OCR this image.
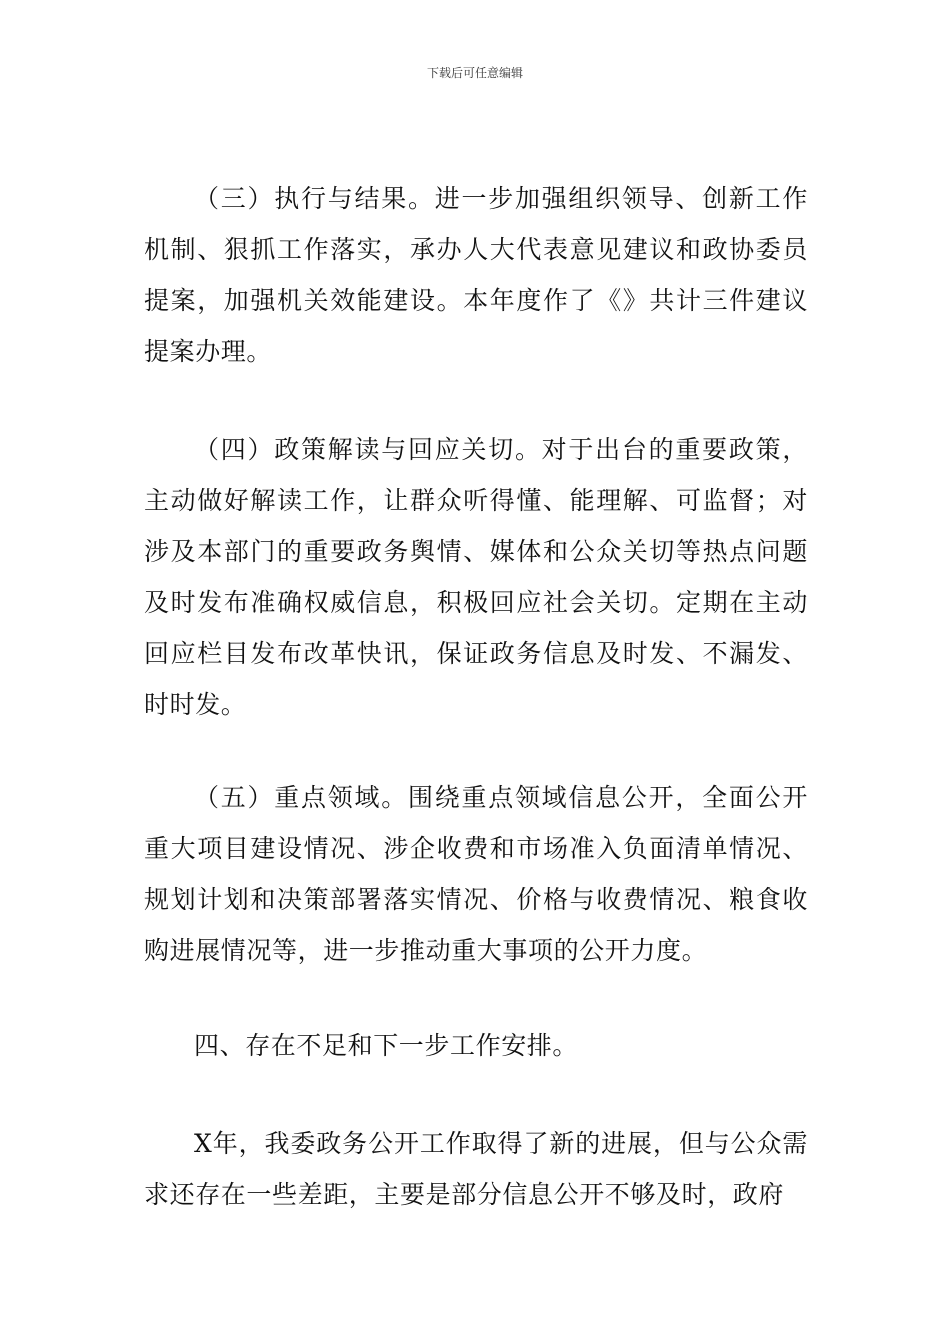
下载后可任意编辑

（三）执行与结果。进一步加强组织领导、创新工作机制、狠抓工作落实，承办人大代表意见建议和政协委员提案，加强机关效能建设。本年度作了《》共计三件建议提案办理。

（四）政策解读与回应关切。对于出台的重要政策，主动做好解读工作，让群众听得懂、能理解、可监督；对涉及本部门的重要政务舆情、媒体和公众关切等热点问题及时发布准确权威信息，积极回应社会关切。定期在主动回应栏目发布改革快讯，保证政务信息及时发、不漏发、时时发。

（五）重点领域。围绕重点领域信息公开，全面公开重大项目建设情况、涉企收费和市场准入负面清单情况、规划计划和决策部署落实情况、价格与收费情况、粮食收购进展情况等，进一步推动重大事项的公开力度。

四、存在不足和下一步工作安排。

X年，我委政务公开工作取得了新的进展，但与公众需求还存在一些差距，主要是部分信息公开不够及时，政府
